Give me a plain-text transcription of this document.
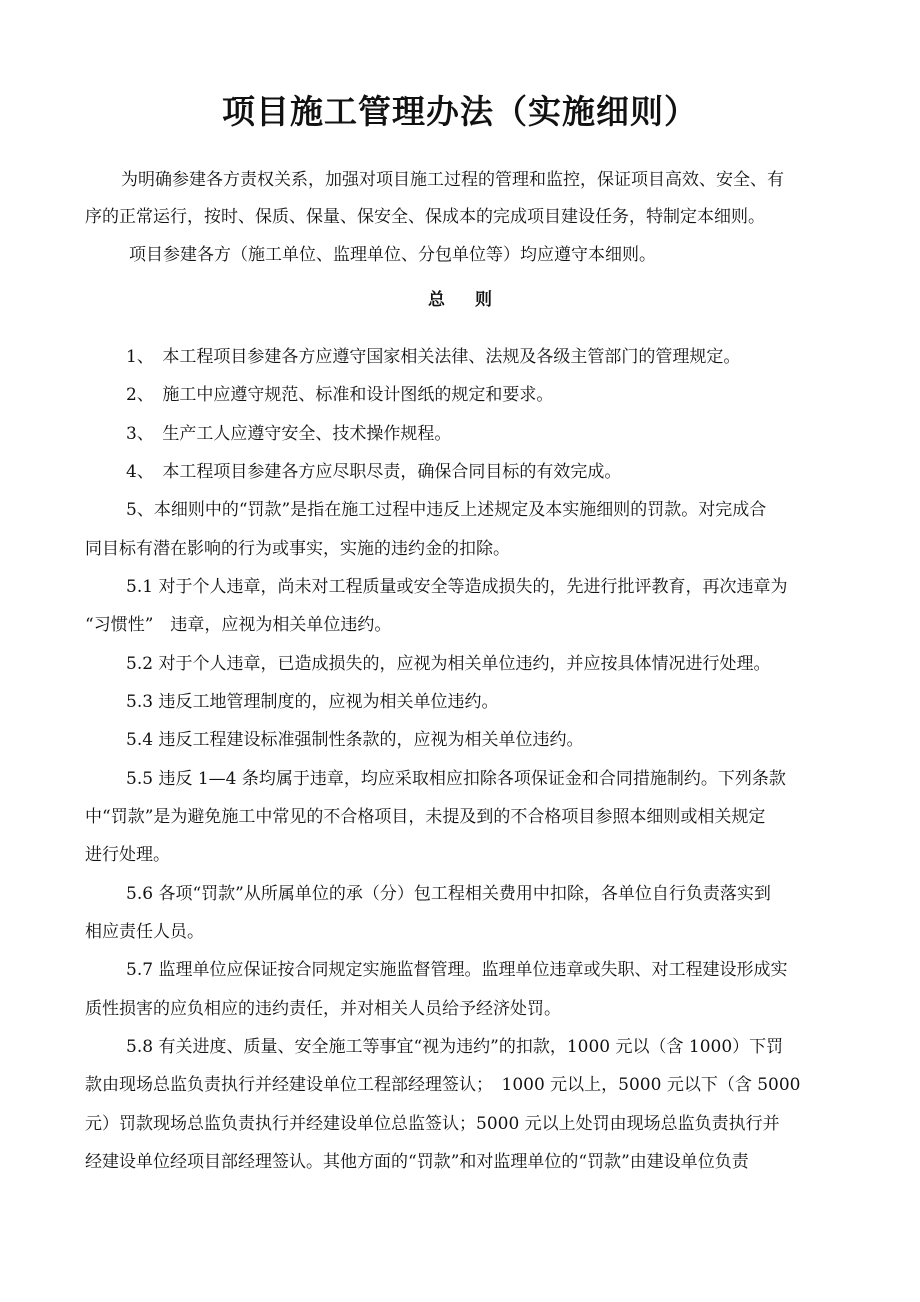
项目施工管理办法（实施细则）
为明确参建各方责权关系，加强对项目施工过程的管理和监控，保证项目高效、安全、有
序的正常运行，按时、保质、保量、保安全、保成本的完成项目建设任务，特制定本细则。
项目参建各方（施工单位、监理单位、分包单位等）均应遵守本细则。
总则
1、　本工程项目参建各方应遵守国家相关法律、法规及各级主管部门的管理规定。
2、　施工中应遵守规范、标准和设计图纸的规定和要求。
3、　生产工人应遵守安全、技术操作规程。
4、　本工程项目参建各方应尽职尽责，确保合同目标的有效完成。
5、本细则中的“罚款”是指在施工过程中违反上述规定及本实施细则的罚款。对完成合
同目标有潜在影响的行为或事实，实施的违约金的扣除。
5.1 对于个人违章，尚未对工程质量或安全等造成损失的，先进行批评教育，再次违章为
“习惯性”　违章，应视为相关单位违约。
5.2 对于个人违章，已造成损失的，应视为相关单位违约，并应按具体情况进行处理。
5.3 违反工地管理制度的，应视为相关单位违约。
5.4 违反工程建设标准强制性条款的，应视为相关单位违约。
5.5 违反 1—4 条均属于违章，均应采取相应扣除各项保证金和合同措施制约。下列条款
中“罚款”是为避免施工中常见的不合格项目，未提及到的不合格项目参照本细则或相关规定
进行处理。
5.6 各项“罚款”从所属单位的承（分）包工程相关费用中扣除，各单位自行负责落实到
相应责任人员。
5.7 监理单位应保证按合同规定实施监督管理。监理单位违章或失职、对工程建设形成实
质性损害的应负相应的违约责任，并对相关人员给予经济处罚。
5.8 有关进度、质量、安全施工等事宜“视为违约”的扣款，1000 元以（含 1000）下罚
款由现场总监负责执行并经建设单位工程部经理签认；　1000 元以上，5000 元以下（含 5000
元）罚款现场总监负责执行并经建设单位总监签认；5000 元以上处罚由现场总监负责执行并
经建设单位经项目部经理签认。其他方面的“罚款”和对监理单位的“罚款”由建设单位负责
